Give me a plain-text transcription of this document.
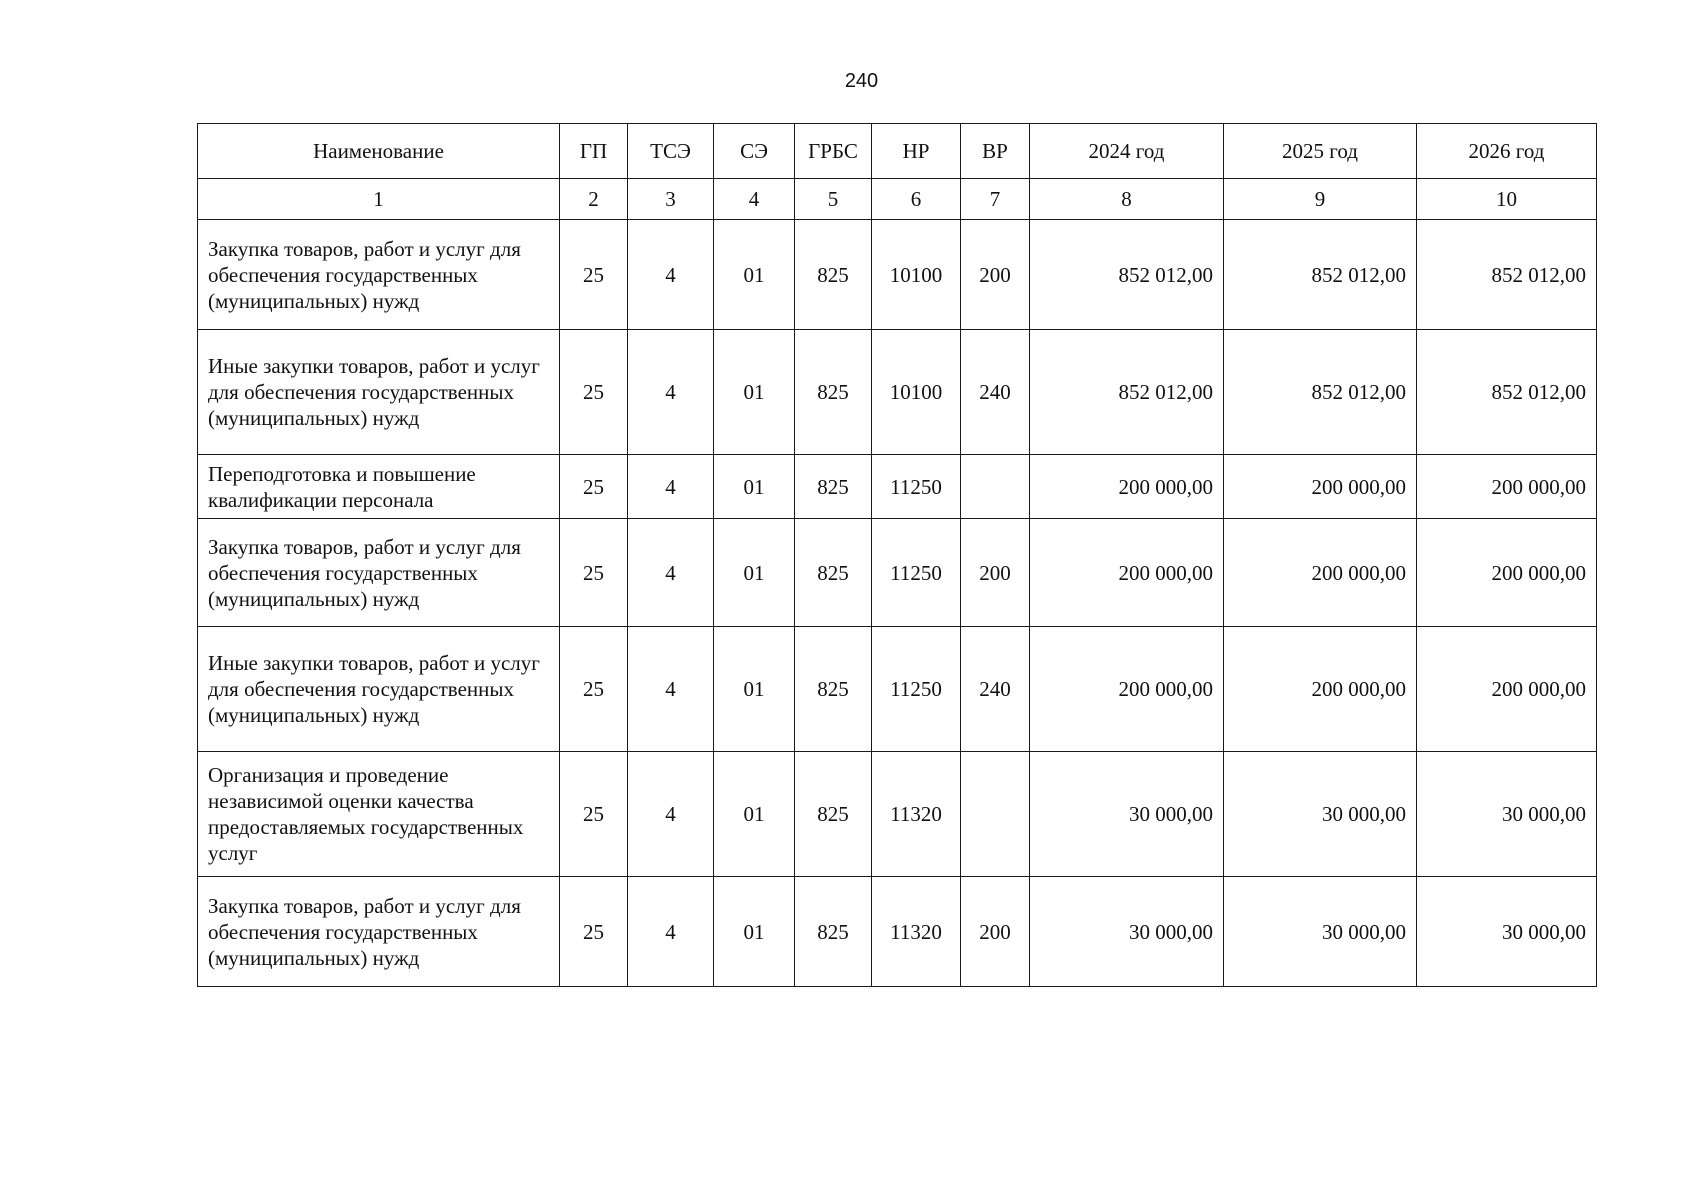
240
Наименование	ГП	ТСЭ	СЭ	ГРБС	НР	ВР	2024 год	2025 год	2026 год
1	2	3	4	5	6	7	8	9	10
Закупка товаров, работ и услуг для обеспечения государственных (муниципальных) нужд	25	4	01	825	10100	200	852 012,00	852 012,00	852 012,00
Иные закупки товаров, работ и услуг для обеспечения государственных (муниципальных) нужд	25	4	01	825	10100	240	852 012,00	852 012,00	852 012,00
Переподготовка и повышение квалификации персонала	25	4	01	825	11250		200 000,00	200 000,00	200 000,00
Закупка товаров, работ и услуг для обеспечения государственных (муниципальных) нужд	25	4	01	825	11250	200	200 000,00	200 000,00	200 000,00
Иные закупки товаров, работ и услуг для обеспечения государственных (муниципальных) нужд	25	4	01	825	11250	240	200 000,00	200 000,00	200 000,00
Организация и проведение независимой оценки качества предоставляемых государственных услуг	25	4	01	825	11320		30 000,00	30 000,00	30 000,00
Закупка товаров, работ и услуг для обеспечения государственных (муниципальных) нужд	25	4	01	825	11320	200	30 000,00	30 000,00	30 000,00
